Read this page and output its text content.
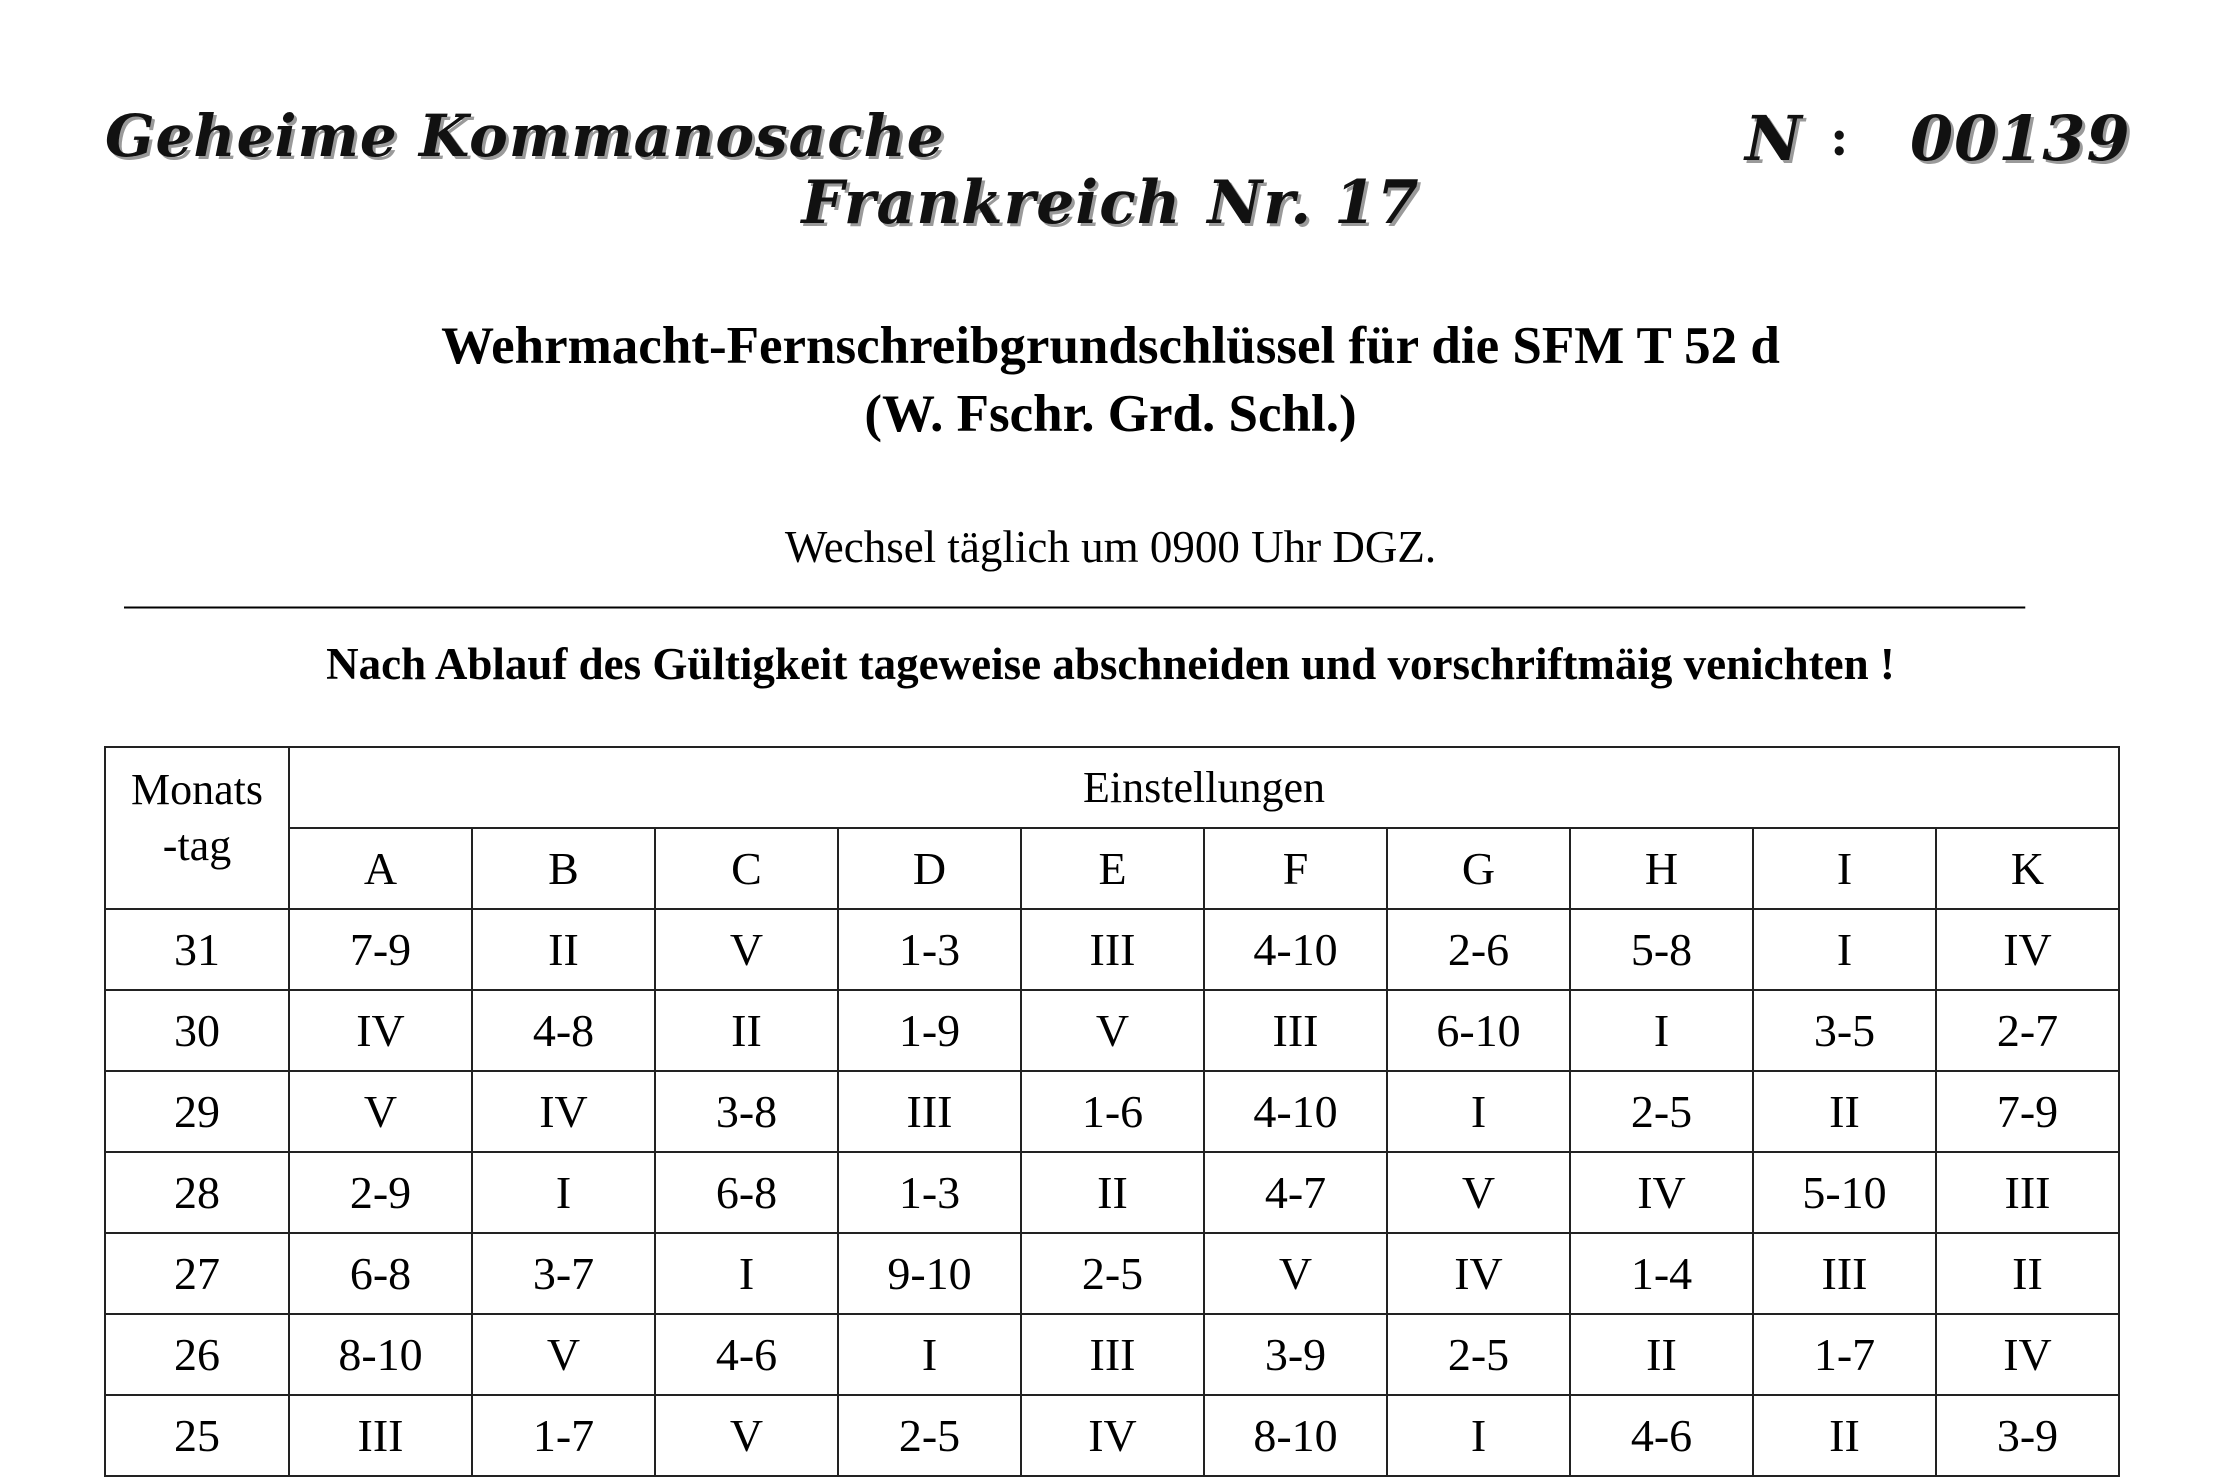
Geheime Kommanosache	N : 00139
Frankreich Nr. 17
Wehrmacht-Fernschreibgrundschlüssel für die SFM T 52 d
(W. Fschr. Grd. Schl.)
Wechsel täglich um 0900 Uhr DGZ.
––––––––––––––––––––––––––––––––––––––––––––––––––––––––––––––––––––––––––––––––––––––––––––––––––––
Nach Ablauf des Gültigkeit tageweise abschneiden und vorschriftmäig venichten !
Monats
-tag	Einstellungen									
	A	B	C	D	E	F	G	H	I	K
31	7-9	II	V	1-3	III	4-10	2-6	5-8	I	IV
30	IV	4-8	II	1-9	V	III	6-10	I	3-5	2-7
29	V	IV	3-8	III	1-6	4-10	I	2-5	II	7-9
28	2-9	I	6-8	1-3	II	4-7	V	IV	5-10	III
27	6-8	3-7	I	9-10	2-5	V	IV	1-4	III	II
26	8-10	V	4-6	I	III	3-9	2-5	II	1-7	IV
25	III	1-7	V	2-5	IV	8-10	I	4-6	II	3-9
